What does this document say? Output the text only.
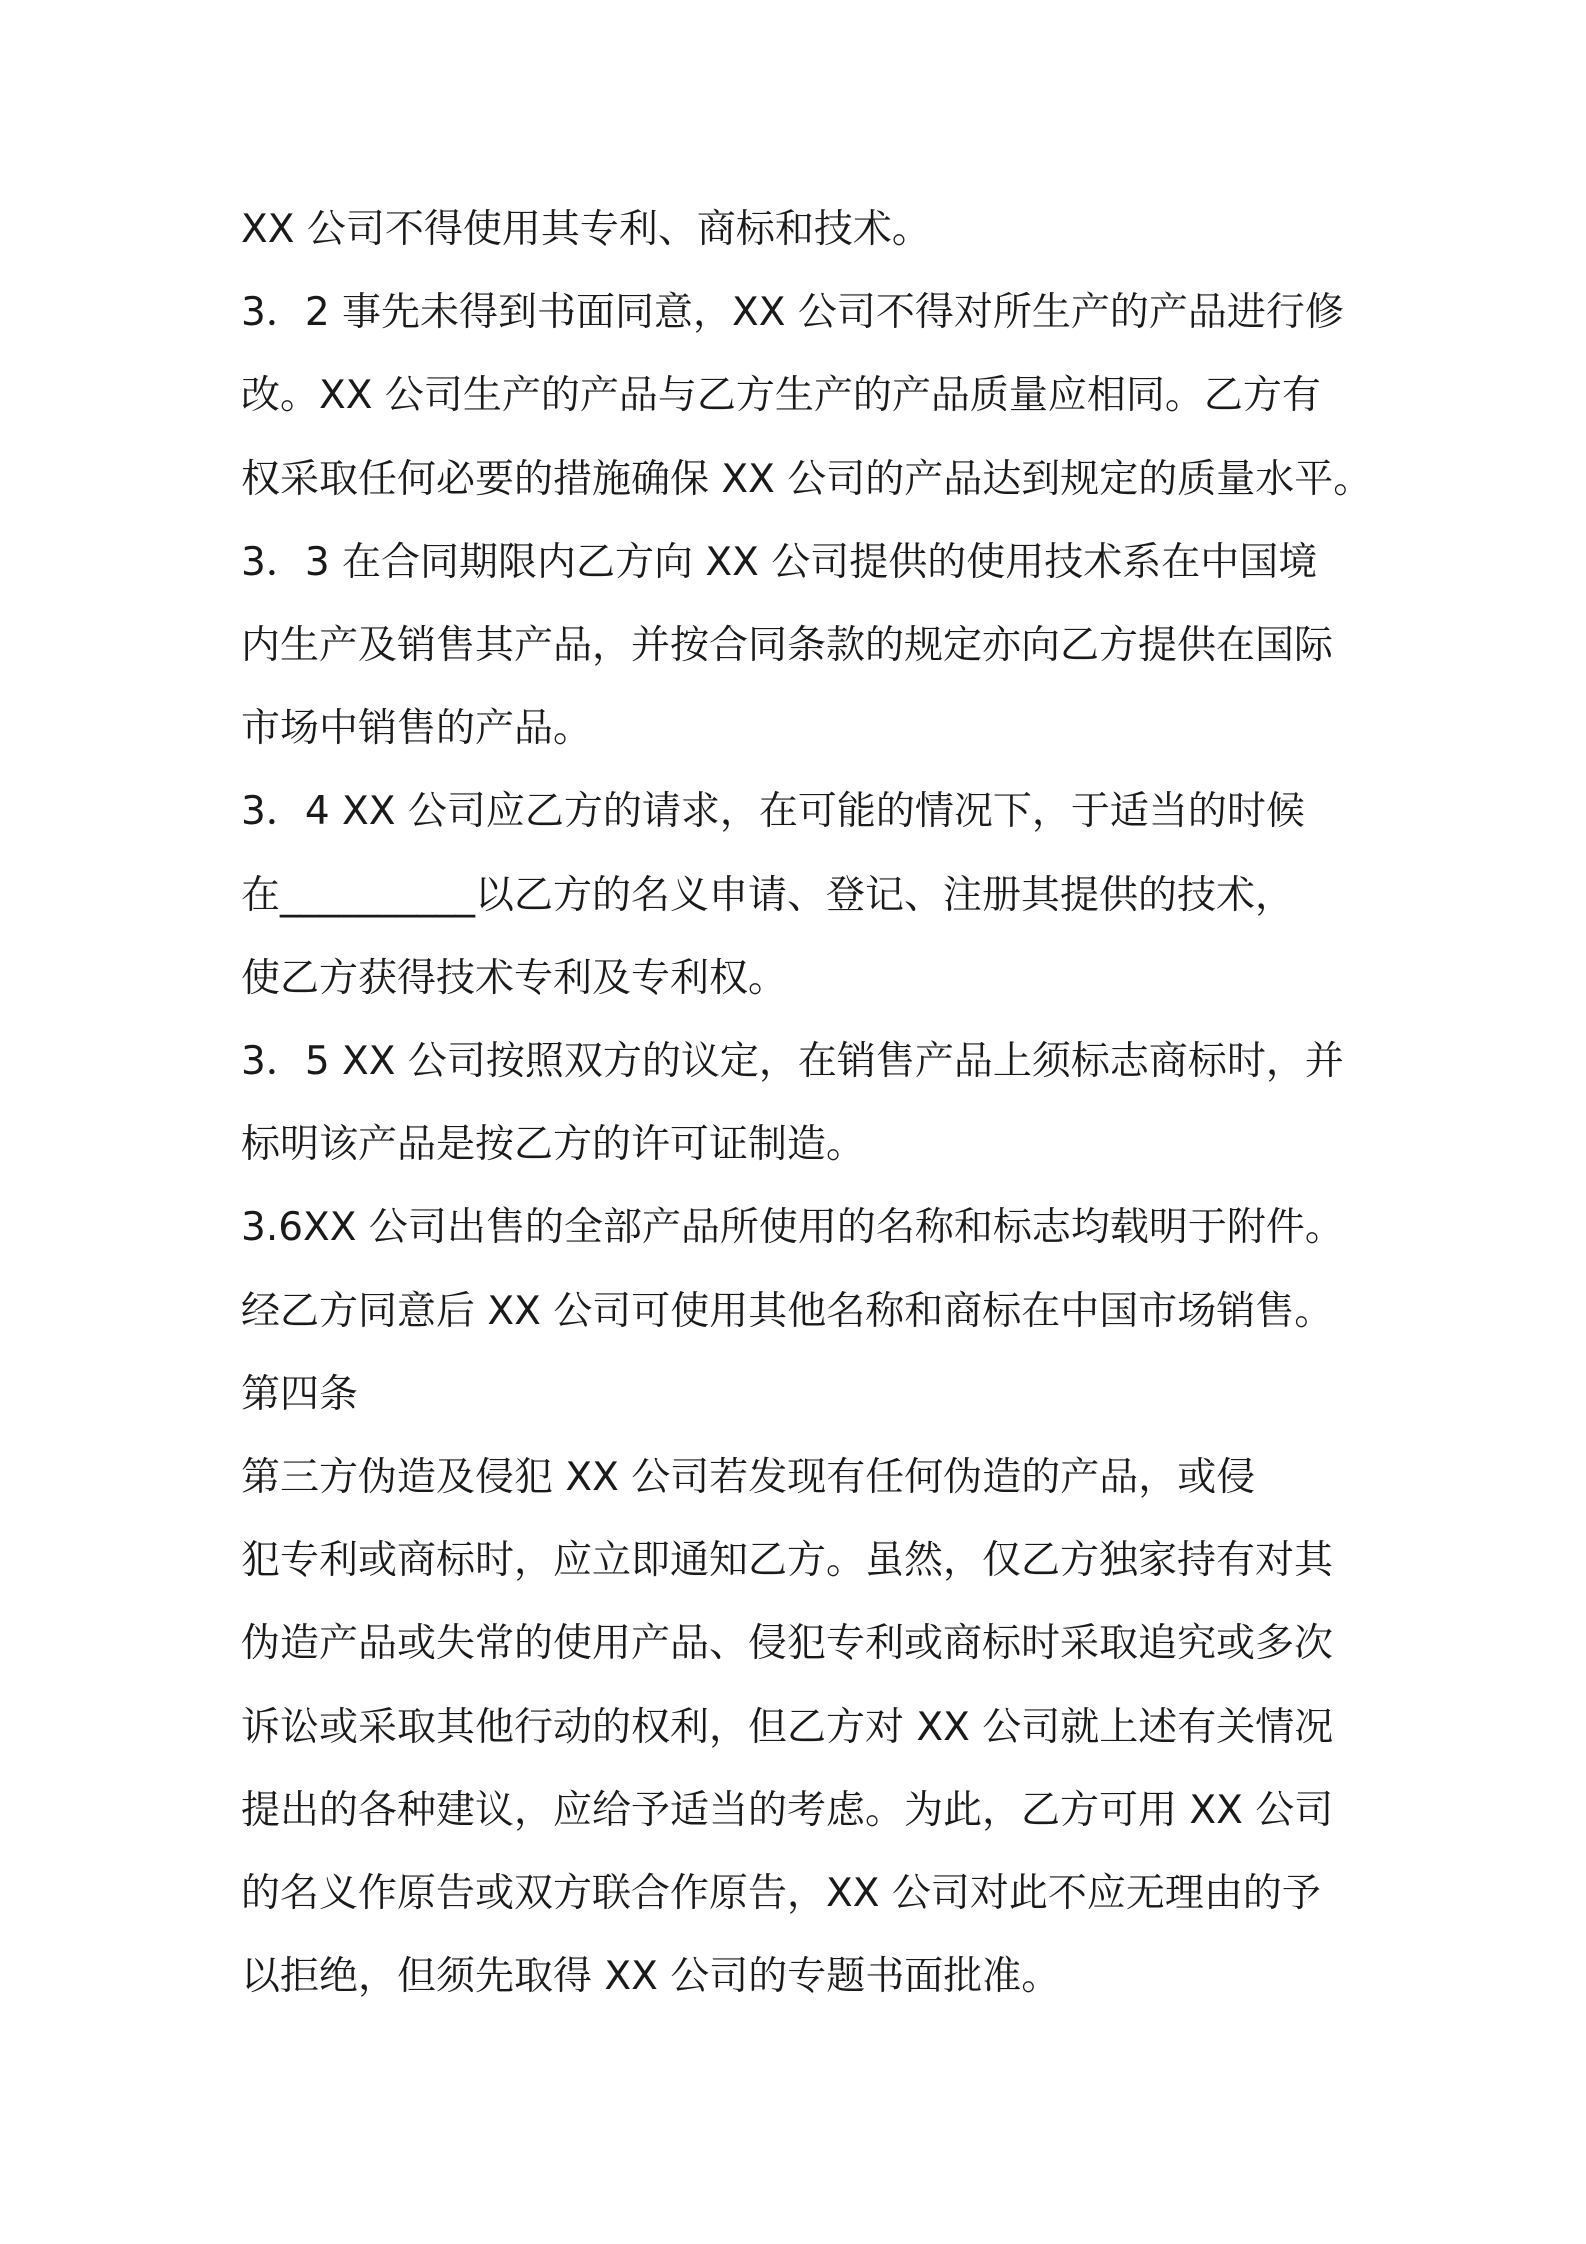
XX 公司不得使用其专利、商标和技术。
3．2 事先未得到书面同意，XX 公司不得对所生产的产品进行修
改。XX 公司生产的产品与乙方生产的产品质量应相同。乙方有
权采取任何必要的措施确保 XX 公司的产品达到规定的质量水平。
3．3 在合同期限内乙方向 XX 公司提供的使用技术系在中国境
内生产及销售其产品，并按合同条款的规定亦向乙方提供在国际
市场中销售的产品。
3．4 XX 公司应乙方的请求，在可能的情况下，于适当的时候
在__________以乙方的名义申请、登记、注册其提供的技术，
使乙方获得技术专利及专利权。
3．5 XX 公司按照双方的议定，在销售产品上须标志商标时，并
标明该产品是按乙方的许可证制造。
3.6XX 公司出售的全部产品所使用的名称和标志均载明于附件。
经乙方同意后 XX 公司可使用其他名称和商标在中国市场销售。
第四条
第三方伪造及侵犯 XX 公司若发现有任何伪造的产品，或侵
犯专利或商标时，应立即通知乙方。虽然，仅乙方独家持有对其
伪造产品或失常的使用产品、侵犯专利或商标时采取追究或多次
诉讼或采取其他行动的权利，但乙方对 XX 公司就上述有关情况
提出的各种建议，应给予适当的考虑。为此，乙方可用 XX 公司
的名义作原告或双方联合作原告，XX 公司对此不应无理由的予
以拒绝，但须先取得 XX 公司的专题书面批准。
